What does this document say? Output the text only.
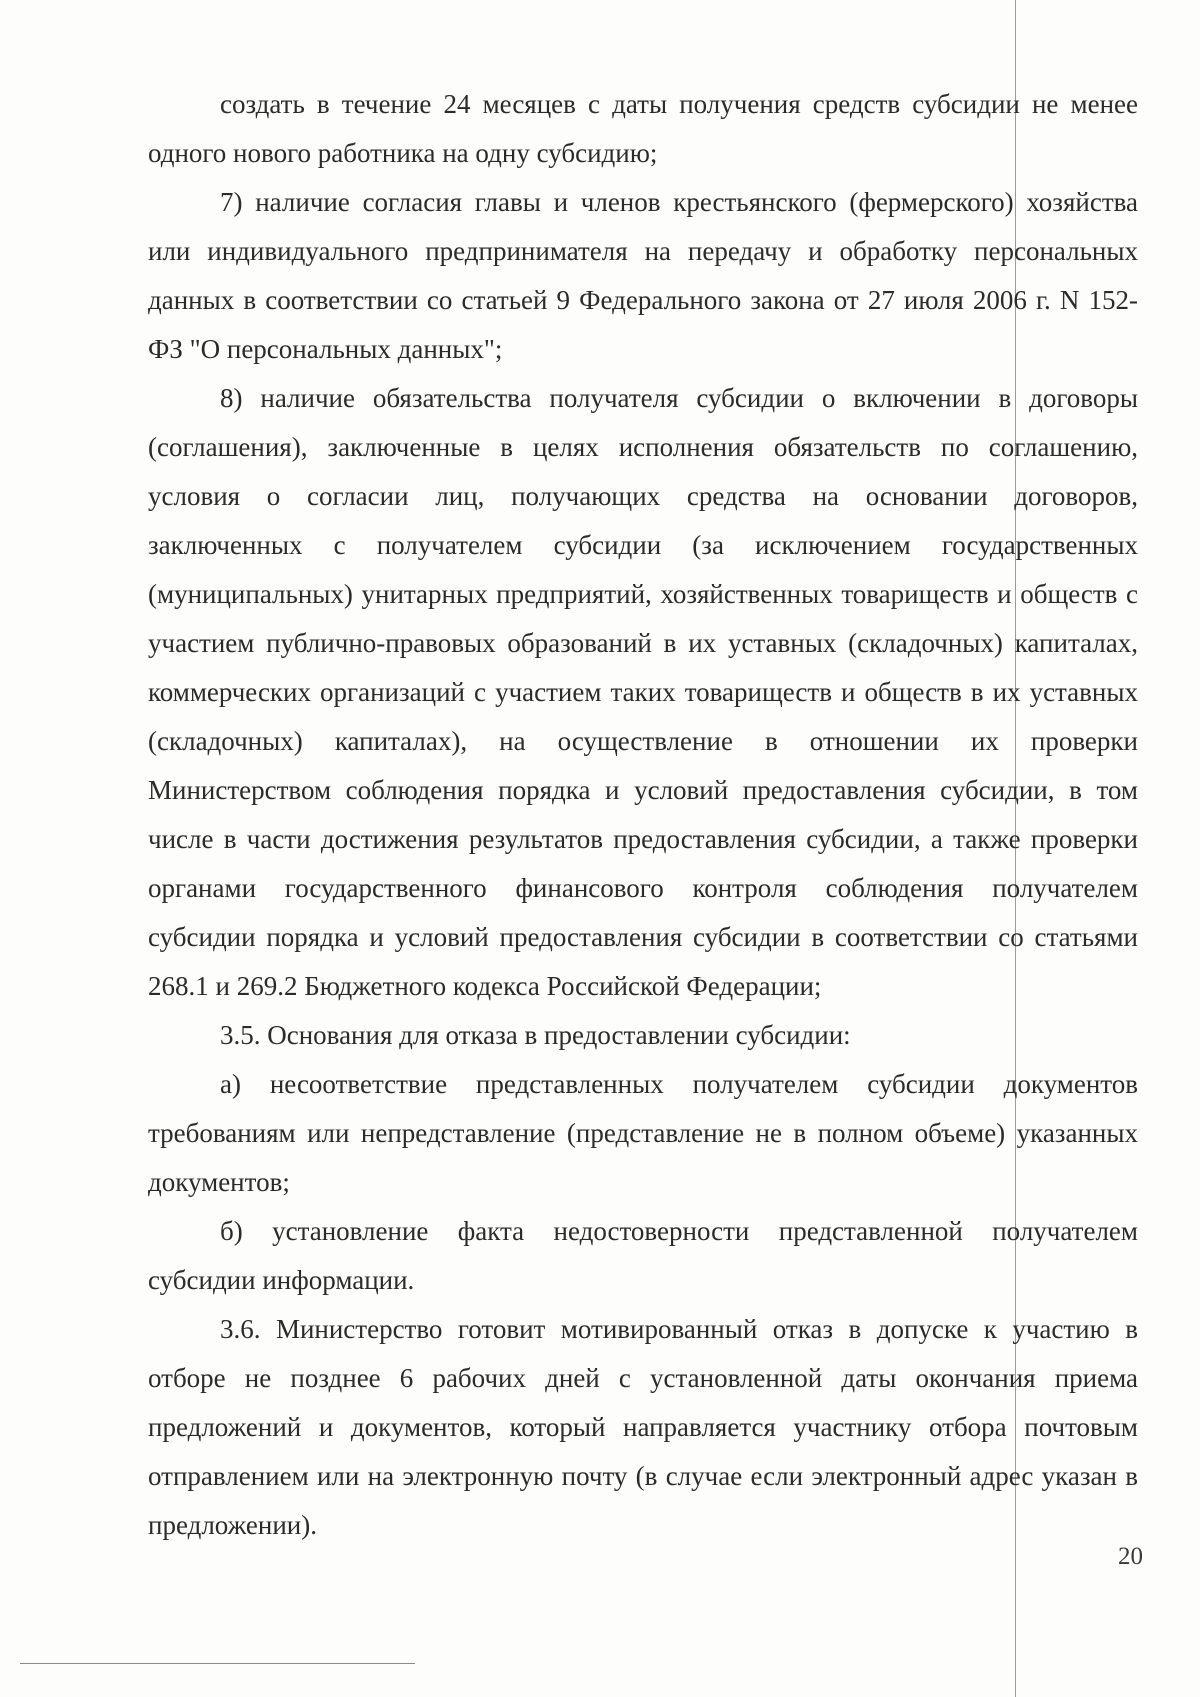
создать в течение 24 месяцев с даты получения средств субсидии не менее одного нового работника на одну субсидию;

7) наличие согласия главы и членов крестьянского (фермерского) хозяйства или индивидуального предпринимателя на передачу и обработку персональных данных в соответствии со статьей 9 Федерального закона от 27 июля 2006 г. N 152-ФЗ "О персональных данных";

8) наличие обязательства получателя субсидии о включении в договоры (соглашения), заключенные в целях исполнения обязательств по соглашению, условия о согласии лиц, получающих средства на основании договоров, заключенных с получателем субсидии (за исключением государственных (муниципальных) унитарных предприятий, хозяйственных товариществ и обществ с участием публично-правовых образований в их уставных (складочных) капиталах, коммерческих организаций с участием таких товариществ и обществ в их уставных (складочных) капиталах), на осуществление в отношении их проверки Министерством соблюдения порядка и условий предоставления субсидии, в том числе в части достижения результатов предоставления субсидии, а также проверки органами государственного финансового контроля соблюдения получателем субсидии порядка и условий предоставления субсидии в соответствии со статьями 268.1 и 269.2 Бюджетного кодекса Российской Федерации;

3.5. Основания для отказа в предоставлении субсидии:

а) несоответствие представленных получателем субсидии документов требованиям или непредставление (представление не в полном объеме) указанных документов;

б) установление факта недостоверности представленной получателем субсидии информации.

3.6. Министерство готовит мотивированный отказ в допуске к участию в отборе не позднее 6 рабочих дней с установленной даты окончания приема предложений и документов, который направляется участнику отбора почтовым отправлением или на электронную почту (в случае если электронный адрес указан в предложении).

20
